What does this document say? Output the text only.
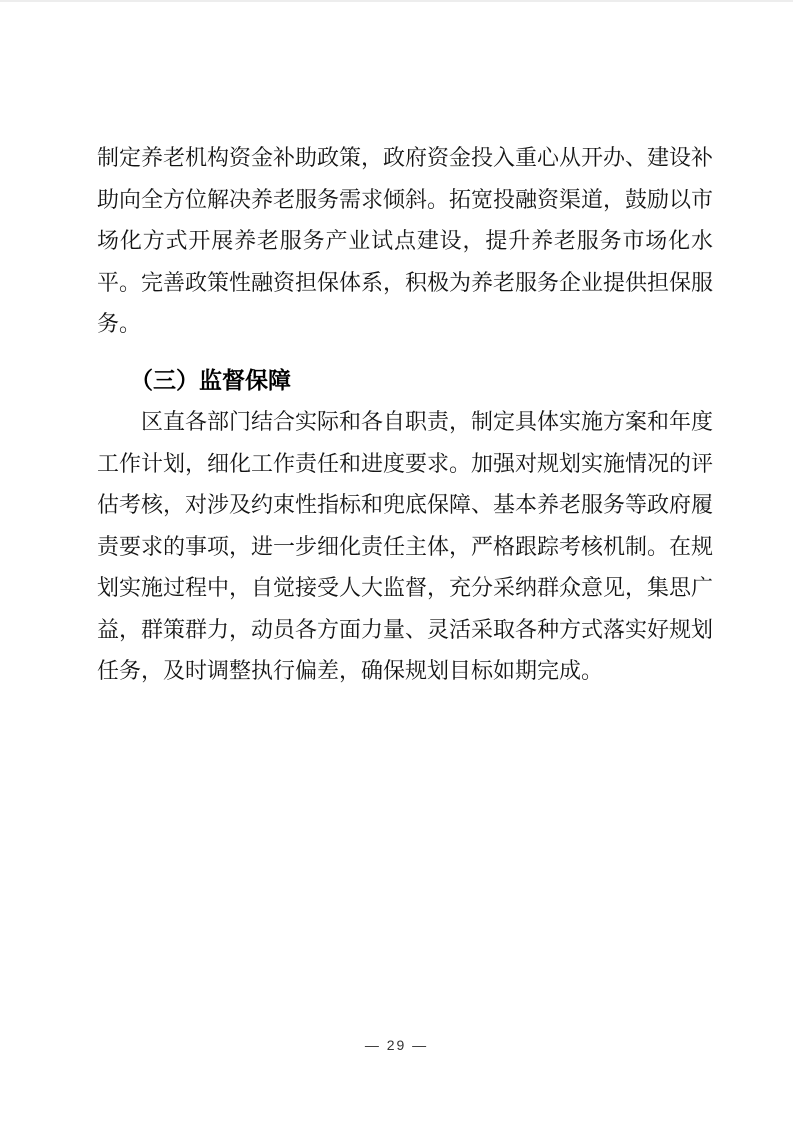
制定养老机构资金补助政策，政府资金投入重心从开办、建设补助向全方位解决养老服务需求倾斜。拓宽投融资渠道，鼓励以市场化方式开展养老服务产业试点建设，提升养老服务市场化水平。完善政策性融资担保体系，积极为养老服务企业提供担保服务。

（三）监督保障

区直各部门结合实际和各自职责，制定具体实施方案和年度工作计划，细化工作责任和进度要求。加强对规划实施情况的评估考核，对涉及约束性指标和兜底保障、基本养老服务等政府履责要求的事项，进一步细化责任主体，严格跟踪考核机制。在规划实施过程中，自觉接受人大监督，充分采纳群众意见，集思广益，群策群力，动员各方面力量、灵活采取各种方式落实好规划任务，及时调整执行偏差，确保规划目标如期完成。

— 29 —
